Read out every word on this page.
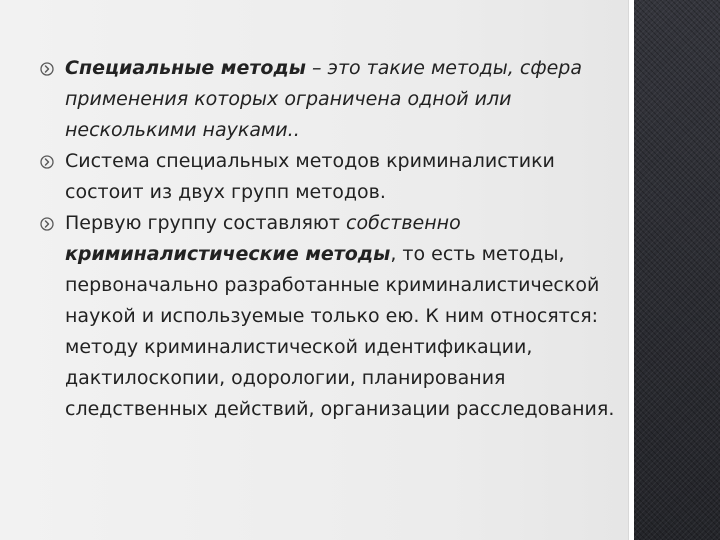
Специальные методы – это такие методы, сфера применения которых ограничена одной или несколькими науками..
Система специальных методов криминалистики состоит из двух групп методов.
Первую группу составляют собственно криминалистические методы, то есть методы, первоначально разработанные криминалистической наукой и используемые только ею. К ним относятся: методу криминалистической идентификации, дактилоскопии, одорологии, планирования следственных действий, организации расследования.
